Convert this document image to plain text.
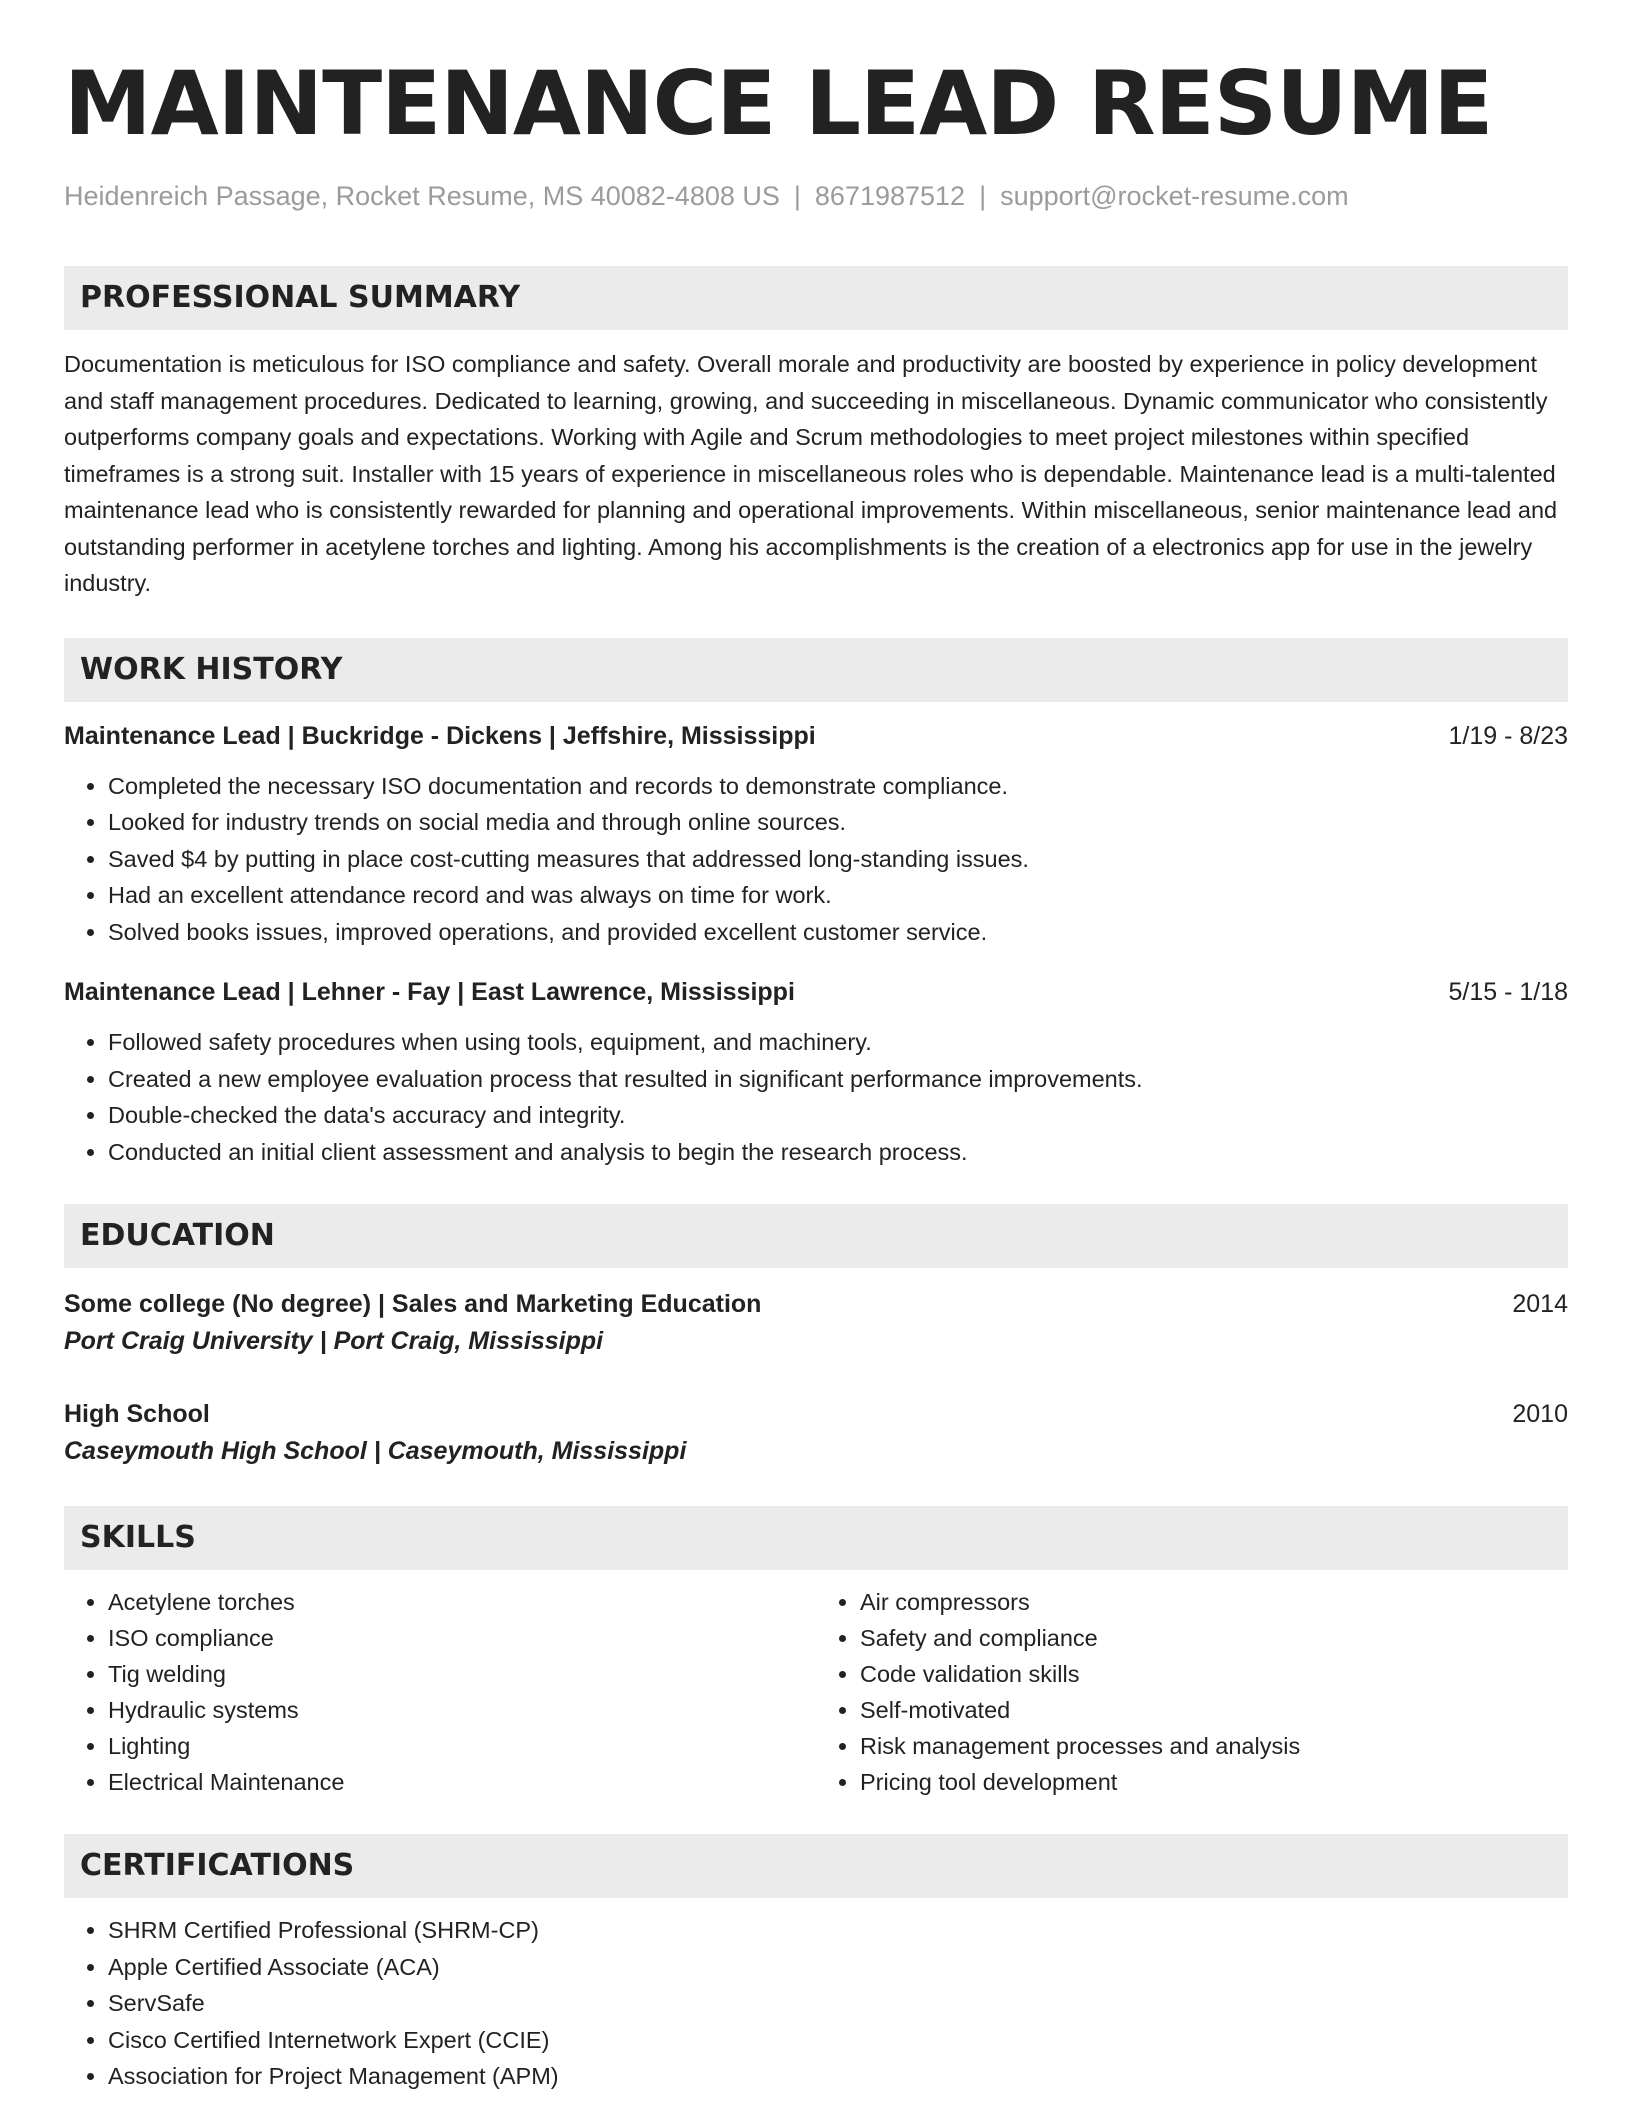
MAINTENANCE LEAD RESUME
Heidenreich Passage, Rocket Resume, MS 40082-4808 US | 8671987512 | support@rocket-resume.com
PROFESSIONAL SUMMARY
Documentation is meticulous for ISO compliance and safety. Overall morale and productivity are boosted by experience in policy development and staff management procedures. Dedicated to learning, growing, and succeeding in miscellaneous. Dynamic communicator who consistently outperforms company goals and expectations. Working with Agile and Scrum methodologies to meet project milestones within specified timeframes is a strong suit. Installer with 15 years of experience in miscellaneous roles who is dependable. Maintenance lead is a multi-talented maintenance lead who is consistently rewarded for planning and operational improvements. Within miscellaneous, senior maintenance lead and outstanding performer in acetylene torches and lighting. Among his accomplishments is the creation of a electronics app for use in the jewelry industry.
WORK HISTORY
Maintenance Lead | Buckridge - Dickens | Jeffshire, Mississippi	1/19 - 8/23
• Completed the necessary ISO documentation and records to demonstrate compliance.
• Looked for industry trends on social media and through online sources.
• Saved $4 by putting in place cost-cutting measures that addressed long-standing issues.
• Had an excellent attendance record and was always on time for work.
• Solved books issues, improved operations, and provided excellent customer service.
Maintenance Lead | Lehner - Fay | East Lawrence, Mississippi	5/15 - 1/18
• Followed safety procedures when using tools, equipment, and machinery.
• Created a new employee evaluation process that resulted in significant performance improvements.
• Double-checked the data's accuracy and integrity.
• Conducted an initial client assessment and analysis to begin the research process.
EDUCATION
Some college (No degree) | Sales and Marketing Education	2014
Port Craig University | Port Craig, Mississippi
High School	2010
Caseymouth High School | Caseymouth, Mississippi
SKILLS
• Acetylene torches
• ISO compliance
• Tig welding
• Hydraulic systems
• Lighting
• Electrical Maintenance
• Air compressors
• Safety and compliance
• Code validation skills
• Self-motivated
• Risk management processes and analysis
• Pricing tool development
CERTIFICATIONS
• SHRM Certified Professional (SHRM-CP)
• Apple Certified Associate (ACA)
• ServSafe
• Cisco Certified Internetwork Expert (CCIE)
• Association for Project Management (APM)
